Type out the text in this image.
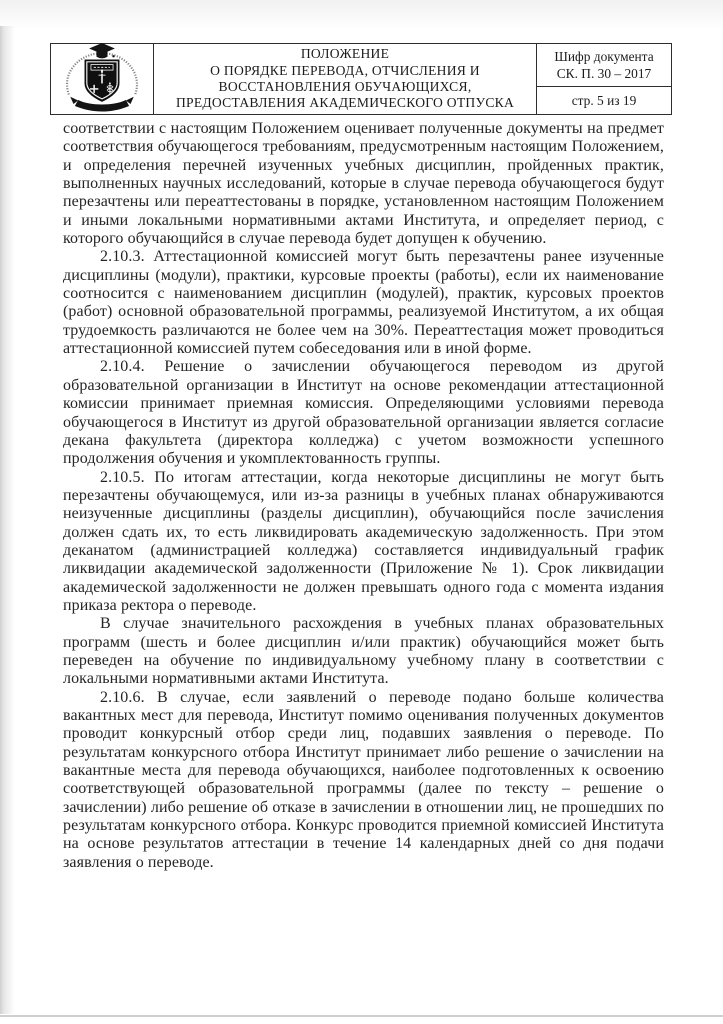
ПОЛОЖЕНИЕ
О ПОРЯДКЕ ПЕРЕВОДА, ОТЧИСЛЕНИЯ И
ВОССТАНОВЛЕНИЯ ОБУЧАЮЩИХСЯ,
ПРЕДОСТАВЛЕНИЯ АКАДЕМИЧЕСКОГО ОТПУСКА
Шифр документа
СК. П. 30 – 2017
стр. 5 из 19

соответствии с настоящим Положением оценивает полученные документы на предмет соответствия обучающегося требованиям, предусмотренным настоящим Положением, и определения перечней изученных учебных дисциплин, пройденных практик, выполненных научных исследований, которые в случае перевода обучающегося будут перезачтены или переаттестованы в порядке, установленном настоящим Положением и иными локальными нормативными актами Института, и определяет период, с которого обучающийся в случае перевода будет допущен к обучению.

2.10.3. Аттестационной комиссией могут быть перезачтены ранее изученные дисциплины (модули), практики, курсовые проекты (работы), если их наименование соотносится с наименованием дисциплин (модулей), практик, курсовых проектов (работ) основной образовательной программы, реализуемой Институтом, а их общая трудоемкость различаются не более чем на 30%. Переаттестация может проводиться аттестационной комиссией путем собеседования или в иной форме.

2.10.4. Решение о зачислении обучающегося переводом из другой образовательной организации в Институт на основе рекомендации аттестационной комиссии принимает приемная комиссия. Определяющими условиями перевода обучающегося в Институт из другой образовательной организации является согласие декана факультета (директора колледжа) с учетом возможности успешного продолжения обучения и укомплектованность группы.

2.10.5. По итогам аттестации, когда некоторые дисциплины не могут быть перезачтены обучающемуся, или из-за разницы в учебных планах обнаруживаются неизученные дисциплины (разделы дисциплин), обучающийся после зачисления должен сдать их, то есть ликвидировать академическую задолженность. При этом деканатом (администрацией колледжа) составляется индивидуальный график ликвидации академической задолженности (Приложение № 1). Срок ликвидации академической задолженности не должен превышать одного года с момента издания приказа ректора о переводе.

В случае значительного расхождения в учебных планах образовательных программ (шесть и более дисциплин и/или практик) обучающийся может быть переведен на обучение по индивидуальному учебному плану в соответствии с локальными нормативными актами Института.

2.10.6. В случае, если заявлений о переводе подано больше количества вакантных мест для перевода, Институт помимо оценивания полученных документов проводит конкурсный отбор среди лиц, подавших заявления о переводе. По результатам конкурсного отбора Институт принимает либо решение о зачислении на вакантные места для перевода обучающихся, наиболее подготовленных к освоению соответствующей образовательной программы (далее по тексту – решение о зачислении) либо решение об отказе в зачислении в отношении лиц, не прошедших по результатам конкурсного отбора. Конкурс проводится приемной комиссией Института на основе результатов аттестации в течение 14 календарных дней со дня подачи заявления о переводе.
